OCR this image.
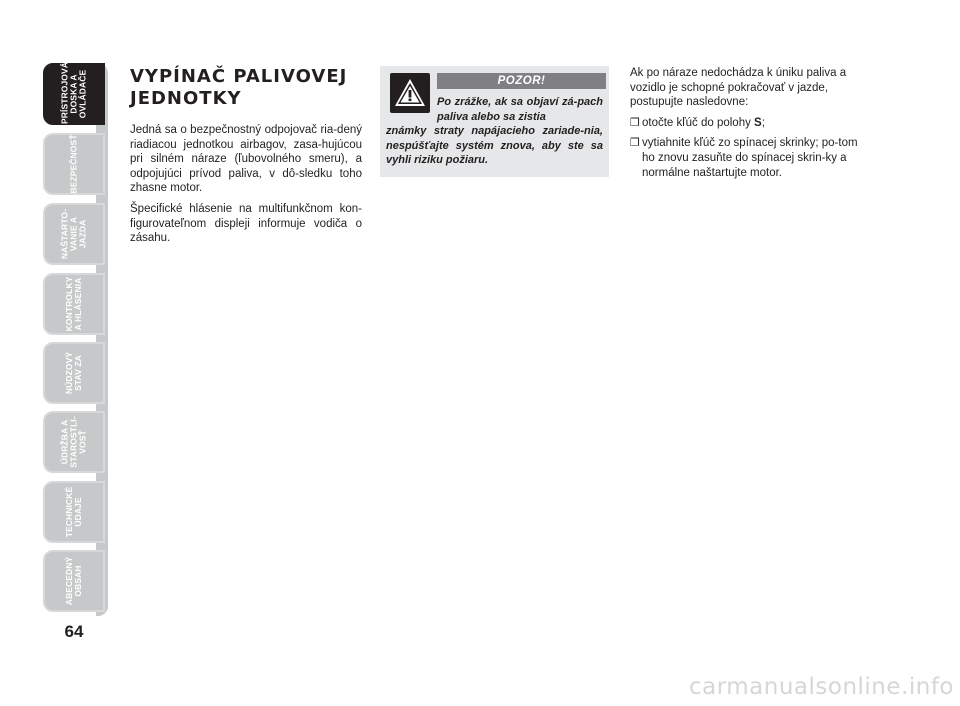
PRÍSTROJOVÁ
DOSKA A
OVLÁDAČE
BEZPEČNOSŤ
NAŠTARTO-
VANIE A
JAZDA
KONTROLKY
A HLÁSENIA
NÚDZOVÝ
STAV ZA
ÚDRŽBA A
STAROSTLI-
VOSŤ
TECHNICKÉ
ÚDAJE
ABECEDNÝ
OBSAH
64
VYPÍNAČ PALIVOVEJ
JEDNOTKY

Jedná sa o bezpečnostný odpojovač ria-dený riadiacou jednotkou airbagov, zasa-hujúcou pri silném náraze (ľubovolného smeru), a odpojujúci prívod paliva, v dô-sledku toho zhasne motor.

Špecifické hlásenie na multifunkčnom kon-figurovateľnom displeji informuje vodiča o zásahu.

POZOR!
Po zrážke, ak sa objaví zá-pach paliva alebo sa zistia
známky straty napájacieho zariade-nia, nespúšťajte systém znova, aby ste sa vyhli riziku požiaru.

Ak po náraze nedochádza k úniku paliva a vozidlo je schopné pokračovať v jazde, postupujte nasledovne:

❒ otočte kľúč do polohy S;
❒ vytiahnite kľúč zo spínacej skrinky; po-tom ho znovu zasuňte do spínacej skrin-ky a normálne naštartujte motor.
carmanualsonline.info
